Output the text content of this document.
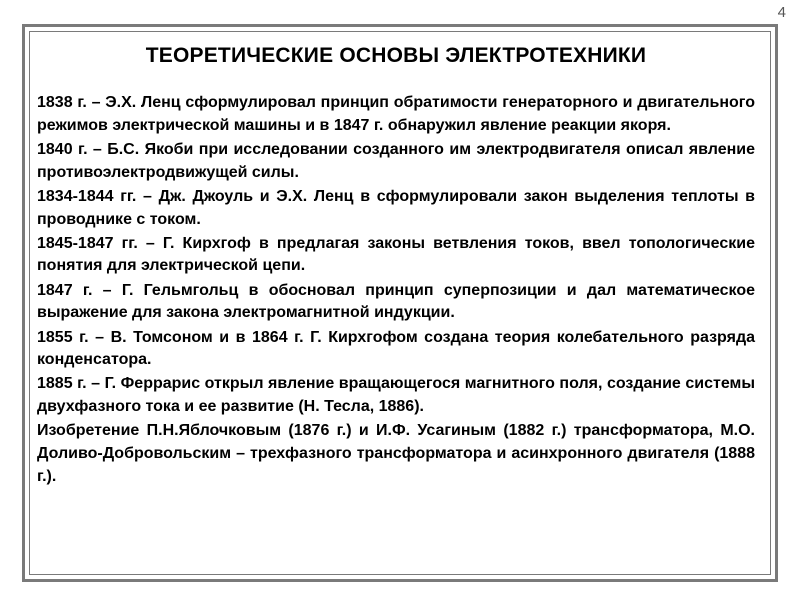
4
ТЕОРЕТИЧЕСКИЕ ОСНОВЫ ЭЛЕКТРОТЕХНИКИ

1838 г. – Э.Х. Ленц сформулировал принцип обратимости генераторного и двигательного режимов электрической машины и в 1847 г. обнаружил явление реакции якоря.

1840 г. – Б.С. Якоби при исследовании созданного им электродвигателя описал явление противоэлектродвижущей силы.

1834-1844 гг. – Дж. Джоуль и Э.Х. Ленц в сформулировали закон выделения теплоты в проводнике с током.

1845-1847 гг. – Г. Кирхгоф в предлагая законы ветвления токов, ввел топологические понятия для электрической цепи.

1847 г. – Г. Гельмгольц в обосновал принцип суперпозиции и дал математическое выражение для закона электромагнитной индукции.

1855 г. – В. Томсоном и в 1864 г. Г. Кирхгофом создана теория колебательного разряда конденсатора.

1885 г. – Г. Феррарис открыл явление вращающегося магнитного поля, создание системы двухфазного тока и ее развитие (Н. Тесла, 1886).

Изобретение П.Н.Яблочковым (1876 г.) и И.Ф. Усагиным (1882 г.) трансформатора, М.О. Доливо-Добровольским – трехфазного трансформатора и асинхронного двигателя (1888 г.).
